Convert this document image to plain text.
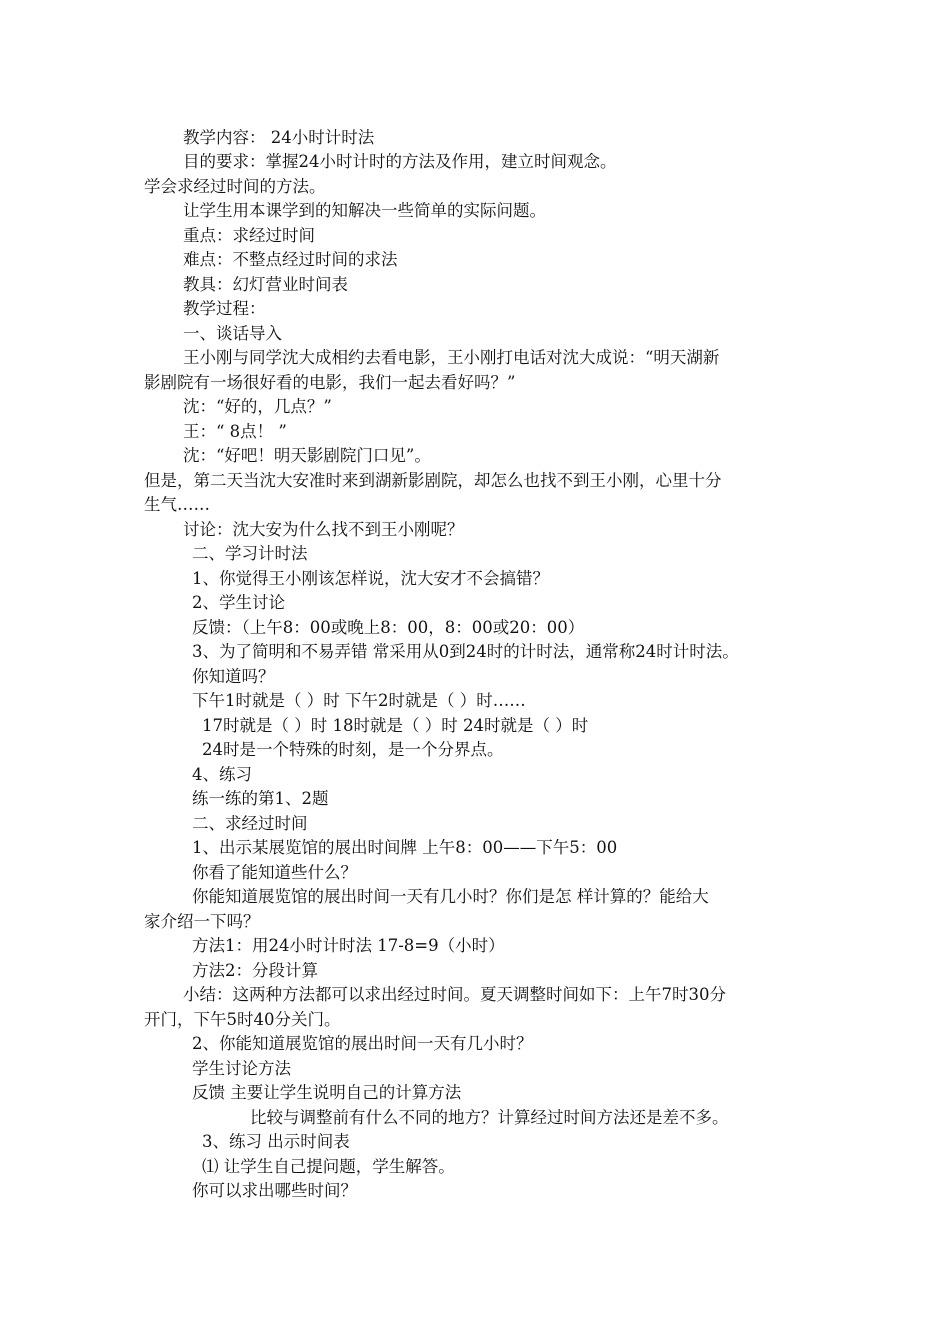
教学内容： 24小时计时法

目的要求：掌握24小时计时的方法及作用，建立时间观念。

学会求经过时间的方法。

让学生用本课学到的知解决一些简单的实际问题。

重点：求经过时间

难点：不整点经过时间的求法

教具：幻灯营业时间表

教学过程：

一、谈话导入

王小刚与同学沈大成相约去看电影，王小刚打电话对沈大成说：“明天湖新

影剧院有一场很好看的电影，我们一起去看好吗？”

沈：“好的，几点？”

王：“ 8点！ ”

沈：“好吧！明天影剧院门口见”。

但是，第二天当沈大安准时来到湖新影剧院，却怎么也找不到王小刚，心里十分

生气……

讨论：沈大安为什么找不到王小刚呢？

二、学习计时法

1、你觉得王小刚该怎样说，沈大安才不会搞错？

2、学生讨论

反馈：（上午8：00或晚上8：00，8：00或20：00）

3、为了简明和不易弄错 常采用从0到24时的计时法，通常称24时计时法。

你知道吗？

下午1时就是（ ）时 下午2时就是（ ）时……

17时就是（ ）时 18时就是（ ）时 24时就是（ ）时

24时是一个特殊的时刻，是一个分界点。

4、练习

练一练的第1、2题

二、求经过时间

1、出示某展览馆的展出时间牌 上午8：00——下午5：00

你看了能知道些什么？

你能知道展览馆的展出时间一天有几小时？你们是怎 样计算的？能给大

家介绍一下吗？

方法1：用24小时计时法 17-8=9（小时）

方法2：分段计算

小结：这两种方法都可以求出经过时间。夏天调整时间如下：上午7时30分

开门，下午5时40分关门。

2、你能知道展览馆的展出时间一天有几小时？

学生讨论方法

反馈 主要让学生说明自己的计算方法

比较与调整前有什么不同的地方？计算经过时间方法还是差不多。

3、练习 出示时间表

⑴ 让学生自己提问题，学生解答。

你可以求出哪些时间？
